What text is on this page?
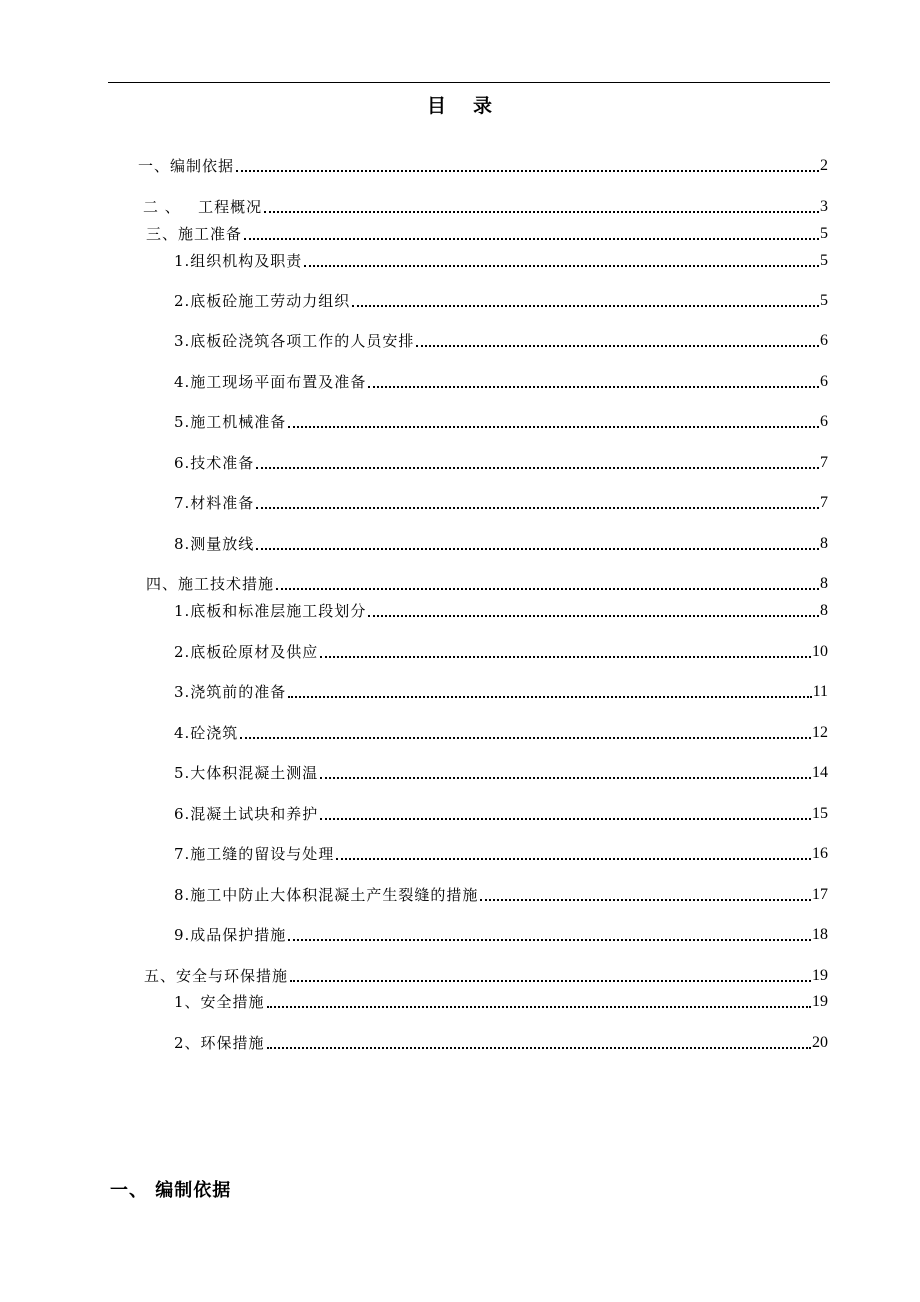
目 录
一、编制依据	2
二 、   工程概况	3
三、施工准备	5
1.组织机构及职责	5
2.底板砼施工劳动力组织	5
3.底板砼浇筑各项工作的人员安排	6
4.施工现场平面布置及准备	6
5.施工机械准备	6
6.技术准备	7
7.材料准备	7
8.测量放线	8
四、施工技术措施	8
1.底板和标准层施工段划分	8
2.底板砼原材及供应	10
3.浇筑前的准备	11
4.砼浇筑	12
5.大体积混凝土测温	14
6.混凝土试块和养护	15
7.施工缝的留设与处理	16
8.施工中防止大体积混凝土产生裂缝的措施	17
9.成品保护措施	18
五、安全与环保措施	19
1、安全措施	19
2、环保措施	20
一、 编制依据
